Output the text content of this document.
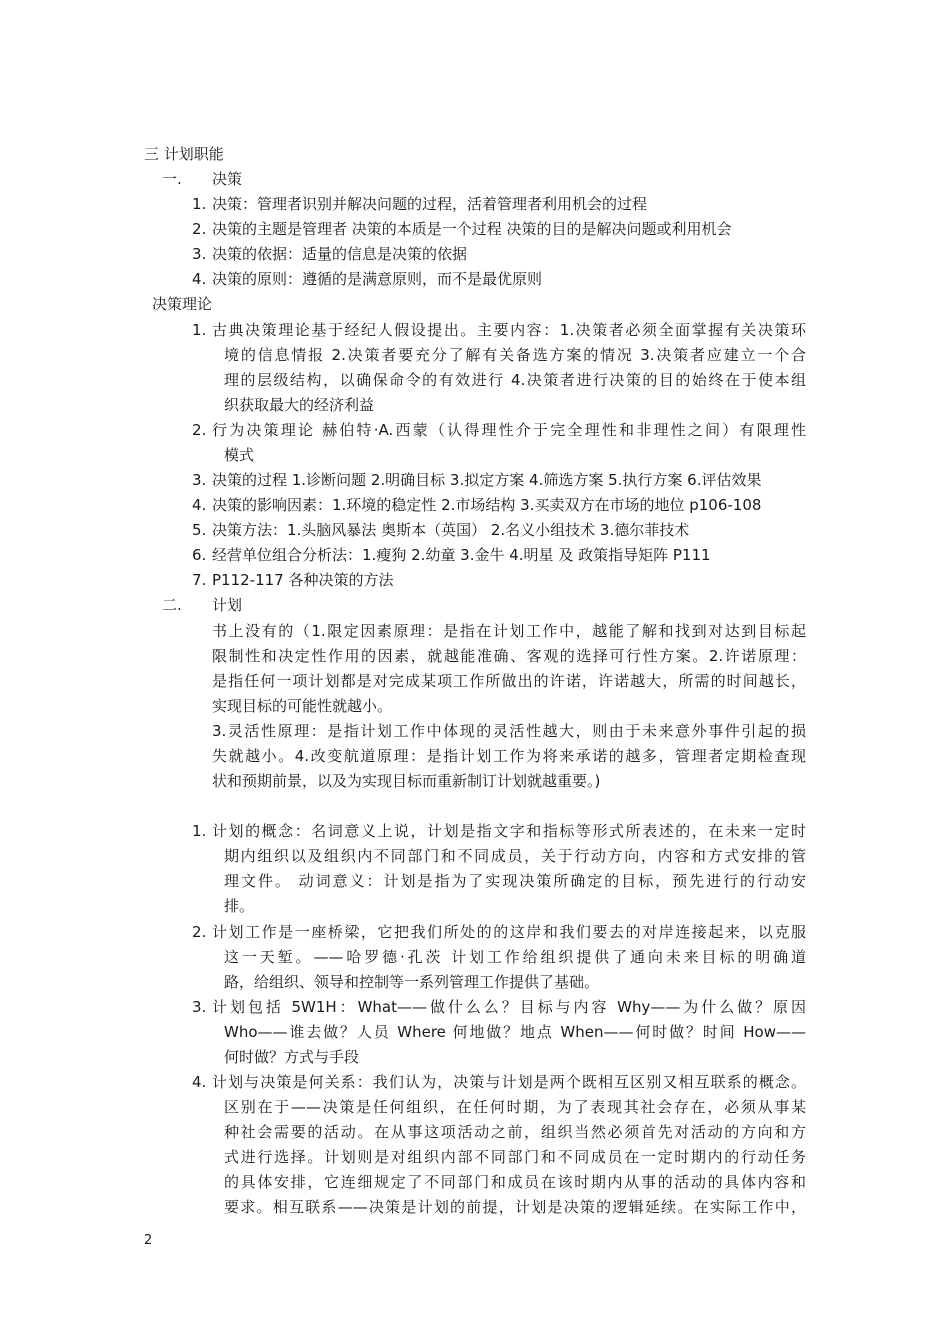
三 计划职能
一. 决策
1. 决策：管理者识别并解决问题的过程，活着管理者利用机会的过程
2. 决策的主题是管理者 决策的本质是一个过程 决策的目的是解决问题或利用机会
3. 决策的依据：适量的信息是决策的依据
4. 决策的原则：遵循的是满意原则，而不是最优原则
决策理论
1. 古典决策理论基于经纪人假设提出。主要内容：1.决策者必须全面掌握有关决策环
境的信息情报 2.决策者要充分了解有关备选方案的情况 3.决策者应建立一个合
理的层级结构，以确保命令的有效进行 4.决策者进行决策的目的始终在于使本组
织获取最大的经济利益
2. 行为决策理论 赫伯特·A.西蒙（认得理性介于完全理性和非理性之间）有限理性
模式
3. 决策的过程 1.诊断问题 2.明确目标 3.拟定方案 4.筛选方案 5.执行方案 6.评估效果
4. 决策的影响因素：1.环境的稳定性 2.市场结构 3.买卖双方在市场的地位 p106-108
5. 决策方法：1.头脑风暴法 奥斯本（英国） 2.名义小组技术 3.德尔菲技术
6. 经营单位组合分析法：1.瘦狗 2.幼童 3.金牛 4.明星 及 政策指导矩阵 P111
7. P112-117 各种决策的方法
二. 计划
书上没有的（1.限定因素原理：是指在计划工作中，越能了解和找到对达到目标起
限制性和决定性作用的因素，就越能准确、客观的选择可行性方案。2.许诺原理：
是指任何一项计划都是对完成某项工作所做出的许诺，许诺越大，所需的时间越长，
实现目标的可能性就越小。
3.灵活性原理：是指计划工作中体现的灵活性越大，则由于未来意外事件引起的损
失就越小。4.改变航道原理：是指计划工作为将来承诺的越多，管理者定期检查现
状和预期前景，以及为实现目标而重新制订计划就越重要。)
1. 计划的概念：名词意义上说，计划是指文字和指标等形式所表述的，在未来一定时
期内组织以及组织内不同部门和不同成员，关于行动方向，内容和方式安排的管
理文件。 动词意义：计划是指为了实现决策所确定的目标，预先进行的行动安
排。
2. 计划工作是一座桥梁，它把我们所处的的这岸和我们要去的对岸连接起来，以克服
这一天堑。——哈罗德·孔茨 计划工作给组织提供了通向未来目标的明确道
路，给组织、领导和控制等一系列管理工作提供了基础。
3. 计划包括 5W1H：What——做什么么？目标与内容 Why——为什么做？原因
Who——谁去做？人员 Where 何地做？地点 When——何时做？时间 How——
何时做？方式与手段
4. 计划与决策是何关系：我们认为，决策与计划是两个既相互区别又相互联系的概念。
区别在于——决策是任何组织，在任何时期，为了表现其社会存在，必须从事某
种社会需要的活动。在从事这项活动之前，组织当然必须首先对活动的方向和方
式进行选择。计划则是对组织内部不同部门和不同成员在一定时期内的行动任务
的具体安排，它连细规定了不同部门和成员在该时期内从事的活动的具体内容和
要求。相互联系——决策是计划的前提，计划是决策的逻辑延续。在实际工作中，
2
